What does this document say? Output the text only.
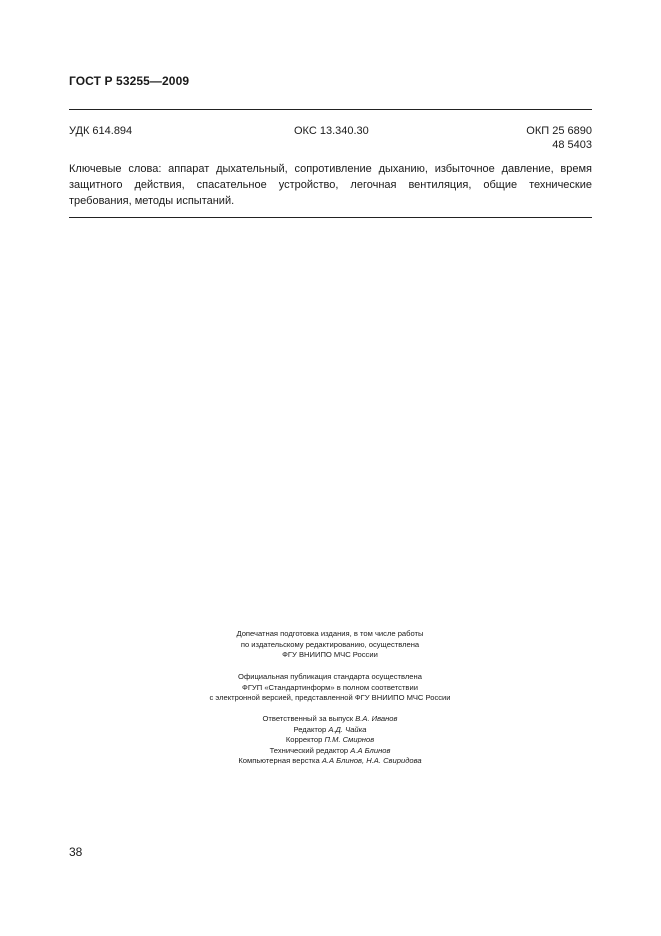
ГОСТ Р 53255—2009
УДК 614.894	ОКС 13.340.30	ОКП 25 6890
48 5403
Ключевые слова: аппарат дыхательный, сопротивление дыханию, избыточное давление, время защитного действия, спасательное устройство, легочная вентиляция, общие технические требования, методы испытаний.
Допечатная подготовка издания, в том числе работы
по издательскому редактированию, осуществлена
ФГУ ВНИИПО МЧС России
Официальная публикация стандарта осуществлена
ФГУП «Стандартинформ» в полном соответствии
с электронной версией, представленной ФГУ ВНИИПО МЧС России
Ответственный за выпуск В.А. Иванов
Редактор А.Д. Чайка
Корректор П.М. Смирнов
Технический редактор А.А Блинов
Компьютерная верстка А.А Блинов, Н.А. Свиридова
38
